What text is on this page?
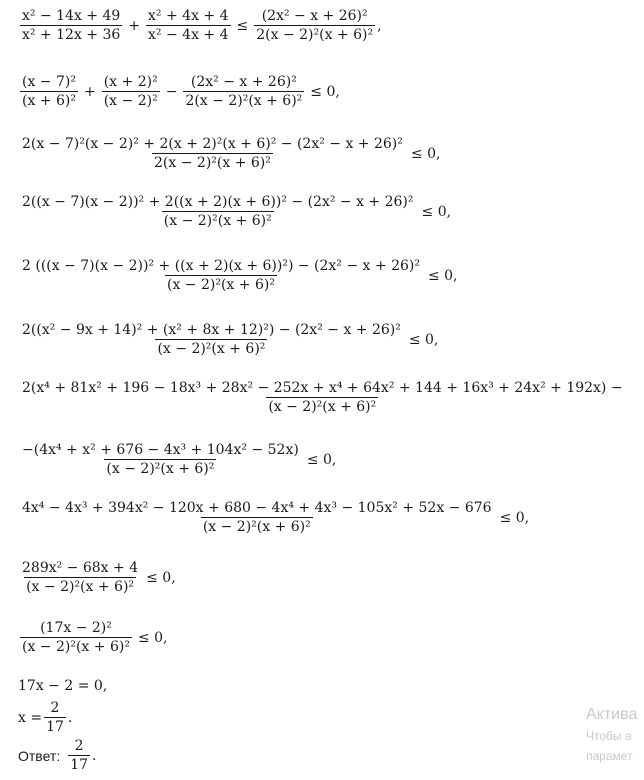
$\frac{\text{x² − 14x + 49}}{\text{x² + 12x + 36}} + \frac{\text{x² + 4x + 4}}{\text{x² − 4x + 4}} \le \frac{\text{(2x² − x + 26)²}}{\text{2(x − 2)²(x + 6)²}}$ ,
$\frac{\text{(x − 7)²}}{\text{(x + 6)²}} + \frac{\text{(x + 2)²}}{\text{(x − 2)²}} - \frac{\text{(2x² − x + 26)²}}{\text{2(x − 2)²(x + 6)²}} \le 0$,
$\frac{\text{2(x − 7)²(x − 2)² + 2(x + 2)²(x + 6)² − (2x² − x + 26)²}}{\text{2(x − 2)²(x + 6)²}} \le 0$,
$\frac{\text{2((x − 7)(x − 2))² + 2((x + 2)(x + 6))² − (2x² − x + 26)²}}{\text{(x − 2)²(x + 6)²}} \le 0$,
$\frac{\text{2 (((x − 7)(x − 2))² + ((x + 2)(x + 6))²) − (2x² − x + 26)²}}{\text{(x − 2)²(x + 6)²}} \le 0$,
$\frac{\text{2((x² − 9x + 14)² + (x² + 8x + 12)²) − (2x² − x + 26)²}}{\text{(x − 2)²(x + 6)²}} \le 0$,
2(x⁴ + 81x² + 196 − 18x³ + 28x² − 252x + x⁴ + 64x² + 144 + 16x³ + 24x² + 192x) −
(x − 2)²(x + 6)²
$\frac{\text{−(4x⁴ + x² + 676 − 4x³ + 104x² − 52x)}}{\text{(x − 2)²(x + 6)²}} \le 0$,
4x⁴ − 4x³ + 394x² − 120x + 680 − 4x⁴ + 4x³ − 105x² + 52x − 676
(x − 2)²(x + 6)²
≤ 0,
$\frac{\text{289x² − 68x + 4}}{\text{(x − 2)²(x + 6)²}} \le 0$,
$\frac{\text{(17x − 2)²}}{\text{(x − 2)²(x + 6)²}} \le 0$,
17x − 2 = 0,
$x = \frac{2}{17}$ .
Ответ: $\frac{2}{17}$ .
Актива
Чтобы а
парамет
